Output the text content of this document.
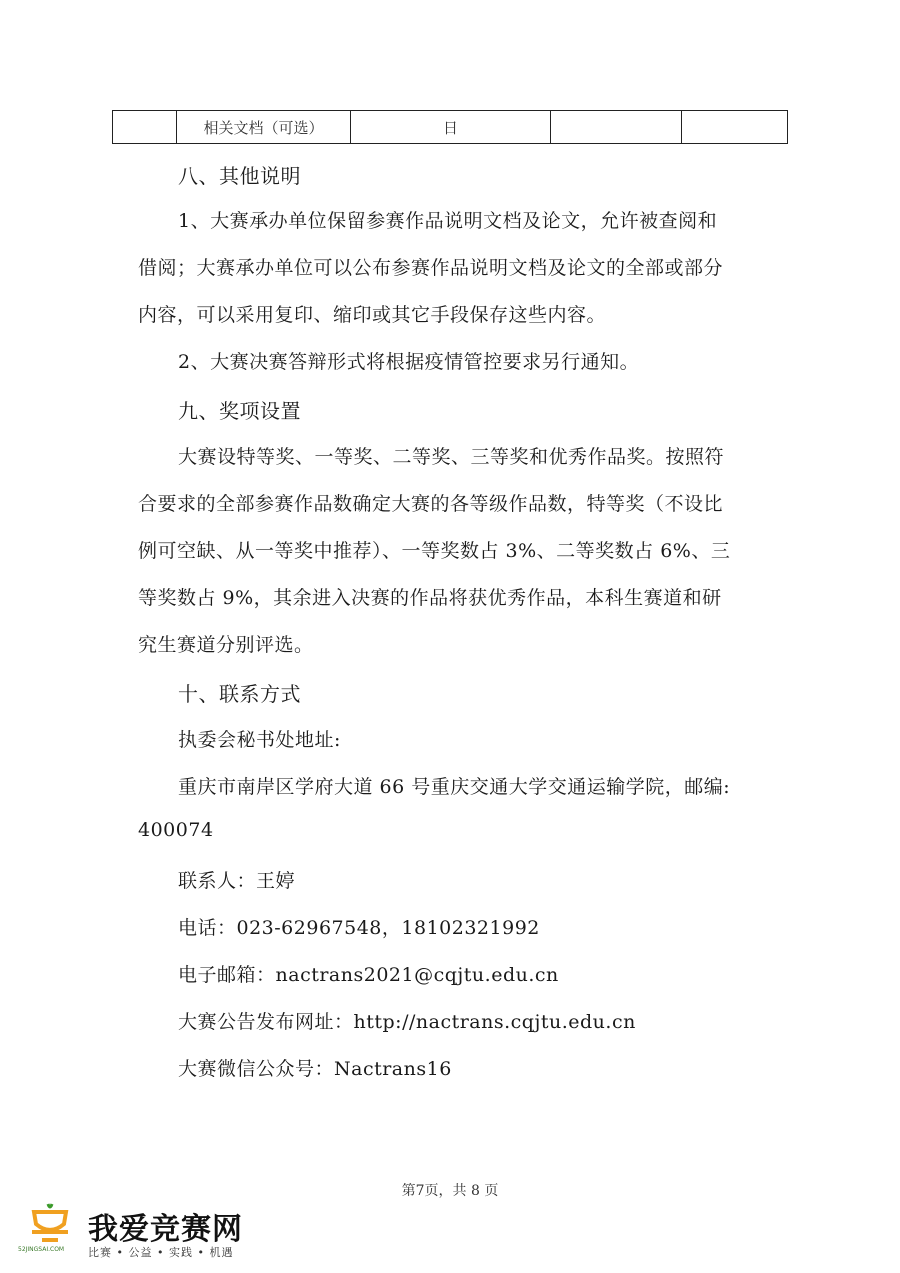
相关文档（可选）	日
八、其他说明
1、大赛承办单位保留参赛作品说明文档及论文，允许被查阅和
借阅；大赛承办单位可以公布参赛作品说明文档及论文的全部或部分
内容，可以采用复印、缩印或其它手段保存这些内容。
2、大赛决赛答辩形式将根据疫情管控要求另行通知。
九、奖项设置
大赛设特等奖、一等奖、二等奖、三等奖和优秀作品奖。按照符
合要求的全部参赛作品数确定大赛的各等级作品数，特等奖（不设比
例可空缺、从一等奖中推荐）、一等奖数占 3%、二等奖数占 6%、三
等奖数占 9%，其余进入决赛的作品将获优秀作品，本科生赛道和研
究生赛道分别评选。
十、联系方式
执委会秘书处地址:
重庆市南岸区学府大道 66 号重庆交通大学交通运输学院，邮编:
400074
联系人：王婷
电话：023-62967548，18102321992
电子邮箱：nactrans2021@cqjtu.edu.cn
大赛公告发布网址：http://nactrans.cqjtu.edu.cn
大赛微信公众号：Nactrans16
第7页，共 8 页
52JINGSAI.COM
我爱竞赛网
比赛 • 公益 • 实践 • 机遇
